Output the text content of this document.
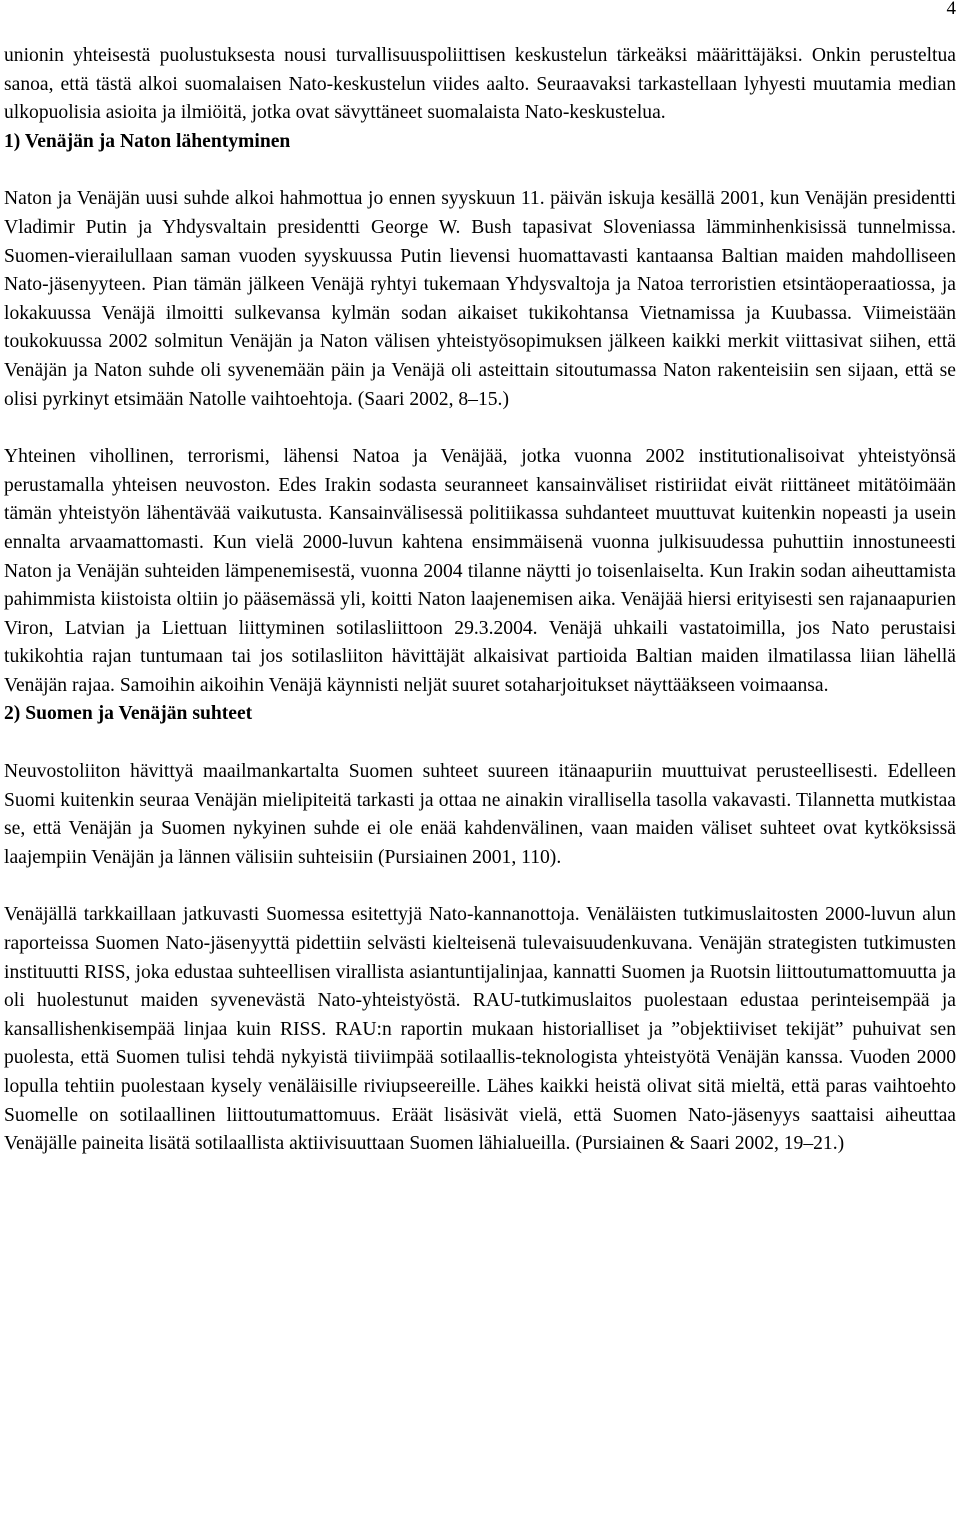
4

unionin yhteisestä puolustuksesta nousi turvallisuuspoliittisen keskustelun tärkeäksi määrittäjäksi. Onkin perusteltua sanoa, että tästä alkoi suomalaisen Nato-keskustelun viides aalto. Seuraavaksi tarkastellaan lyhyesti muutamia median ulkopuolisia asioita ja ilmiöitä, jotka ovat sävyttäneet suomalaista Nato-keskustelua.

1) Venäjän ja Naton lähentyminen

Naton ja Venäjän uusi suhde alkoi hahmottua jo ennen syyskuun 11. päivän iskuja kesällä 2001, kun Venäjän presidentti Vladimir Putin ja Yhdysvaltain presidentti George W. Bush tapasivat Sloveniassa lämminhenkisissä tunnelmissa. Suomen-vierailullaan saman vuoden syyskuussa Putin lievensi huomattavasti kantaansa Baltian maiden mahdolliseen Nato-jäsenyyteen. Pian tämän jälkeen Venäjä ryhtyi tukemaan Yhdysvaltoja ja Natoa terroristien etsintäoperaatiossa, ja lokakuussa Venäjä ilmoitti sulkevansa kylmän sodan aikaiset tukikohtansa Vietnamissa ja Kuubassa. Viimeistään toukokuussa 2002 solmitun Venäjän ja Naton välisen yhteistyösopimuksen jälkeen kaikki merkit viittasivat siihen, että Venäjän ja Naton suhde oli syvenemään päin ja Venäjä oli asteittain sitoutumassa Naton rakenteisiin sen sijaan, että se olisi pyrkinyt etsimään Natolle vaihtoehtoja. (Saari 2002, 8–15.)

Yhteinen vihollinen, terrorismi, lähensi Natoa ja Venäjää, jotka vuonna 2002 institutionalisoivat yhteistyönsä perustamalla yhteisen neuvoston. Edes Irakin sodasta seuranneet kansainväliset ristiriidat eivät riittäneet mitätöimään tämän yhteistyön lähentävää vaikutusta. Kansainvälisessä politiikassa suhdanteet muuttuvat kuitenkin nopeasti ja usein ennalta arvaamattomasti. Kun vielä 2000-luvun kahtena ensimmäisenä vuonna julkisuudessa puhuttiin innostuneesti Naton ja Venäjän suhteiden lämpenemisestä, vuonna 2004 tilanne näytti jo toisenlaiselta. Kun Irakin sodan aiheuttamista pahimmista kiistoista oltiin jo pääsemässä yli, koitti Naton laajenemisen aika. Venäjää hiersi erityisesti sen rajanaapurien Viron, Latvian ja Liettuan liittyminen sotilasliittoon 29.3.2004. Venäjä uhkaili vastatoimilla, jos Nato perustaisi tukikohtia rajan tuntumaan tai jos sotilasliiton hävittäjät alkaisivat partioida Baltian maiden ilmatilassa liian lähellä Venäjän rajaa. Samoihin aikoihin Venäjä käynnisti neljät suuret sotaharjoitukset näyttääkseen voimaansa.

2) Suomen ja Venäjän suhteet

Neuvostoliiton hävittyä maailmankartalta Suomen suhteet suureen itänaapuriin muuttuivat perusteellisesti. Edelleen Suomi kuitenkin seuraa Venäjän mielipiteitä tarkasti ja ottaa ne ainakin virallisella tasolla vakavasti. Tilannetta mutkistaa se, että Venäjän ja Suomen nykyinen suhde ei ole enää kahdenvälinen, vaan maiden väliset suhteet ovat kytköksissä laajempiin Venäjän ja lännen välisiin suhteisiin (Pursiainen 2001, 110).

Venäjällä tarkkaillaan jatkuvasti Suomessa esitettyjä Nato-kannanottoja. Venäläisten tutkimuslaitosten 2000-luvun alun raporteissa Suomen Nato-jäsenyyttä pidettiin selvästi kielteisenä tulevaisuudenkuvana. Venäjän strategisten tutkimusten instituutti RISS, joka edustaa suhteellisen virallista asiantuntijalinjaa, kannatti Suomen ja Ruotsin liittoutumattomuutta ja oli huolestunut maiden syvenevästä Nato-yhteistyöstä. RAU-tutkimuslaitos puolestaan edustaa perinteisempää ja kansallishenkisempää linjaa kuin RISS. RAU:n raportin mukaan historialliset ja ”objektiiviset tekijät” puhuivat sen puolesta, että Suomen tulisi tehdä nykyistä tiiviimpää sotilaallis-teknologista yhteistyötä Venäjän kanssa. Vuoden 2000 lopulla tehtiin puolestaan kysely venäläisille riviupseereille. Lähes kaikki heistä olivat sitä mieltä, että paras vaihtoehto Suomelle on sotilaallinen liittoutumattomuus. Eräät lisäsivät vielä, että Suomen Nato-jäsenyys saattaisi aiheuttaa Venäjälle paineita lisätä sotilaallista aktiivisuuttaan Suomen lähialueilla. (Pursiainen & Saari 2002, 19–21.)
